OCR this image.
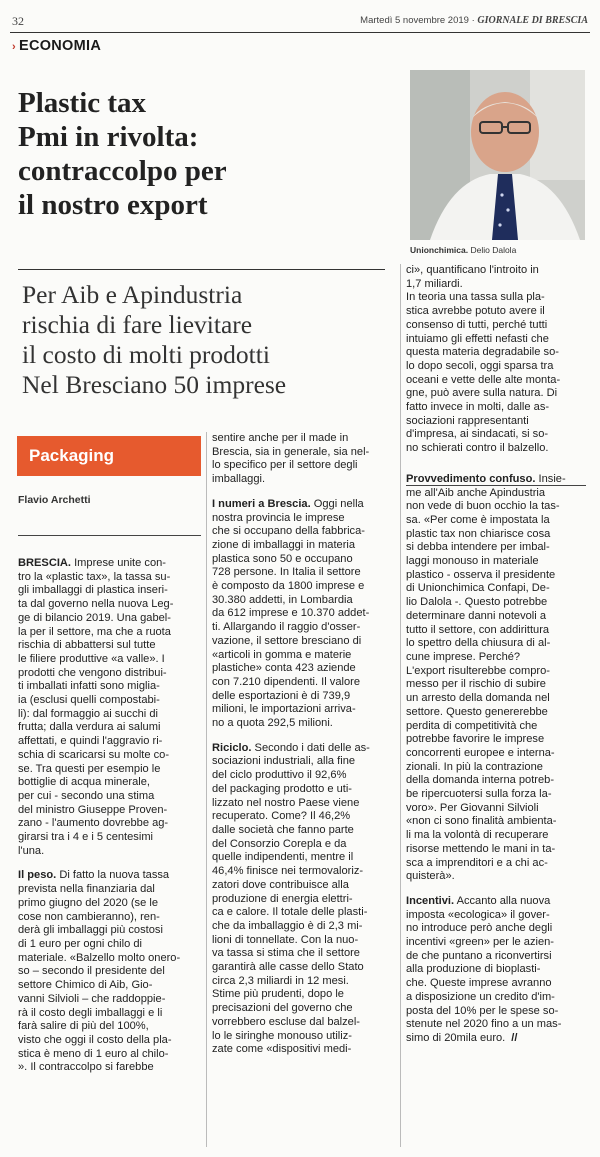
32	Martedì 5 novembre 2019 · GIORNALE DI BRESCIA
› ECONOMIA
Plastic tax
Pmi in rivolta:
contraccolpo per
il nostro export
Unionchimica. Delio Dalola
Per Aib e Apindustria
rischia di fare lievitare
il costo di molti prodotti
Nel Bresciano 50 imprese
Packaging
Flavio Archetti
BRESCIA. Imprese unite con-
tro la «plastic tax», la tassa su-
gli imballaggi di plastica inseri-
ta dal governo nella nuova Leg-
ge di bilancio 2019. Una gabel-
la per il settore, ma che a ruota
rischia di abbattersi sul tutte
le filiere produttive «a valle». I
prodotti che vengono distribui-
ti imballati infatti sono miglia-
ia (esclusi quelli compostabi-
li): dal formaggio ai succhi di
frutta; dalla verdura ai salumi
affettati, e quindi l'aggravio ri-
schia di scaricarsi su molte co-
se. Tra questi per esempio le
bottiglie di acqua minerale,
per cui - secondo una stima
del ministro Giuseppe Proven-
zano - l'aumento dovrebbe ag-
girarsi tra i 4 e i 5 centesimi
l'una.
Il peso. Di fatto la nuova tassa
prevista nella finanziaria dal
primo giugno del 2020 (se le
cose non cambieranno), ren-
derà gli imballaggi più costosi
di 1 euro per ogni chilo di
materiale. «Balzello molto onero-
so – secondo il presidente del
settore Chimico di Aib, Gio-
vanni Silvioli – che raddoppie-
rà il costo degli imballaggi e li
farà salire di più del 100%,
visto che oggi il costo della pla-
stica è meno di 1 euro al chilo-
». Il contraccolpo si farebbe
sentire anche per il made in
Brescia, sia in generale, sia nel-
lo specifico per il settore degli
imballaggi.
I numeri a Brescia. Oggi nella
nostra provincia le imprese
che si occupano della fabbrica-
zione di imballaggi in materia
plastica sono 50 e occupano
728 persone. In Italia il settore
è composto da 1800 imprese e
30.380 addetti, in Lombardia
da 612 imprese e 10.370 addet-
ti. Allargando il raggio d'osser-
vazione, il settore bresciano di
«articoli in gomma e materie
plastiche» conta 423 aziende
con 7.210 dipendenti. Il valore
delle esportazioni è di 739,9
milioni, le importazioni arriva-
no a quota 292,5 milioni.
Riciclo. Secondo i dati delle as-
sociazioni industriali, alla fine
del ciclo produttivo il 92,6%
del packaging prodotto e uti-
lizzato nel nostro Paese viene
recuperato. Come? Il 46,2%
dalle società che fanno parte
del Consorzio Corepla e da
quelle indipendenti, mentre il
46,4% finisce nei termovaloriz-
zatori dove contribuisce alla
produzione di energia elettri-
ca e calore. Il totale delle plasti-
che da imballaggio è di 2,3 mi-
lioni di tonnellate. Con la nuo-
va tassa si stima che il settore
garantirà alle casse dello Stato
circa 2,3 miliardi in 12 mesi.
Stime più prudenti, dopo le
precisazioni del governo che
vorrebbero escluse dal balzel-
lo le siringhe monouso utiliz-
zate come «dispositivi medi-
ci», quantificano l'introito in
1,7 miliardi.
In teoria una tassa sulla pla-
stica avrebbe potuto avere il
consenso di tutti, perché tutti
intuiamo gli effetti nefasti che
questa materia degradabile so-
lo dopo secoli, oggi sparsa tra
oceani e vette delle alte monta-
gne, può avere sulla natura. Di
fatto invece in molti, dalle as-
sociazioni rappresentanti
d'impresa, ai sindacati, si so-
no schierati contro il balzello.
Provvedimento confuso. Insie-
me all'Aib anche Apindustria
non vede di buon occhio la tas-
sa. «Per come è impostata la
plastic tax non chiarisce cosa
si debba intendere per imbal-
laggi monouso in materiale
plastico - osserva il presidente
di Unionchimica Confapi, De-
lio Dalola -. Questo potrebbe
determinare danni notevoli a
tutto il settore, con addirittura
lo spettro della chiusura di al-
cune imprese. Perché?
L'export risulterebbe compro-
messo per il rischio di subire
un arresto della domanda nel
settore. Questo genererebbe
perdita di competitività che
potrebbe favorire le imprese
concorrenti europee e interna-
zionali. In più la contrazione
della domanda interna potreb-
be ripercuotersi sulla forza la-
voro». Per Giovanni Silvioli
«non ci sono finalità ambienta-
li ma la volontà di recuperare
risorse mettendo le mani in ta-
sca a imprenditori e a chi ac-
quisterà».
Incentivi. Accanto alla nuova
imposta «ecologica» il gover-
no introduce però anche degli
incentivi «green» per le azien-
de che puntano a riconvertirsi
alla produzione di bioplasti-
che. Queste imprese avranno
a disposizione un credito d'im-
posta del 10% per le spese so-
stenute nel 2020 fino a un mas-
simo di 20mila euro. //
